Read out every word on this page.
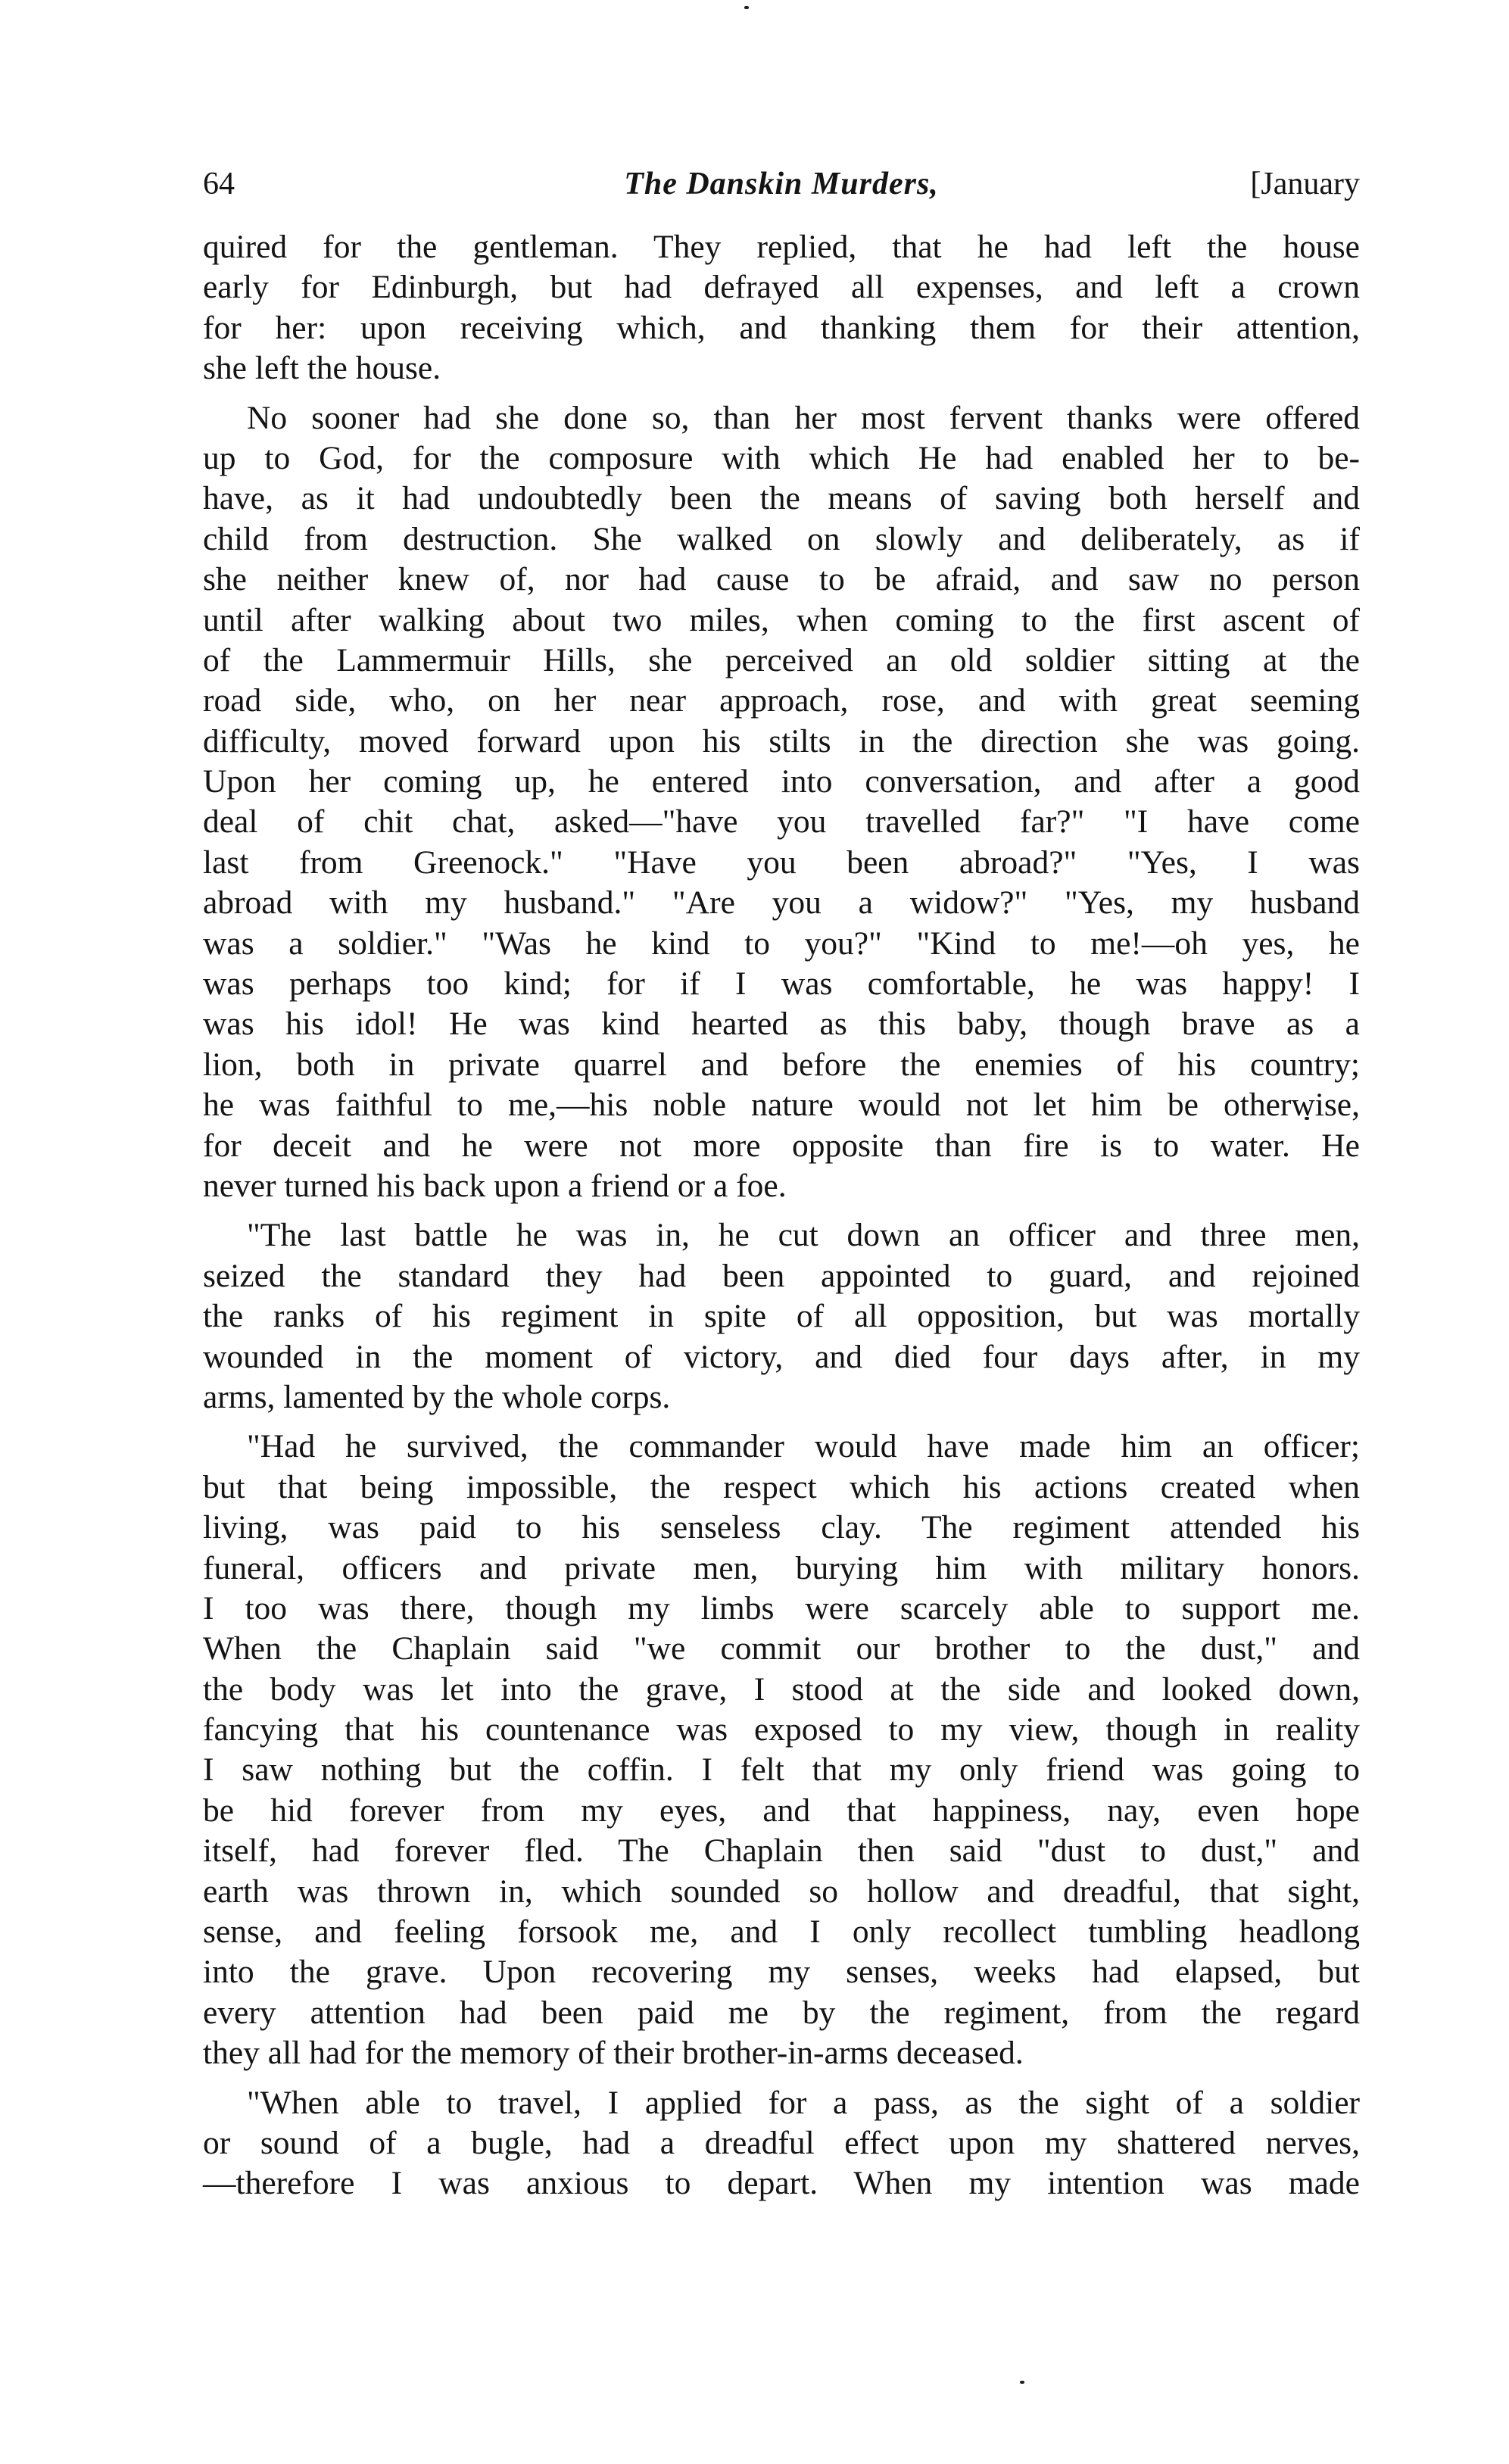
64	The Danskin Murders,	[January
quired for the gentleman. They replied, that he had left the house
early for Edinburgh, but had defrayed all expenses, and left a crown
for her: upon receiving which, and thanking them for their attention,
she left the house.
No sooner had she done so, than her most fervent thanks were offered
up to God, for the composure with which He had enabled her to be-
have, as it had undoubtedly been the means of saving both herself and
child from destruction. She walked on slowly and deliberately, as if
she neither knew of, nor had cause to be afraid, and saw no person
until after walking about two miles, when coming to the first ascent of
of the Lammermuir Hills, she perceived an old soldier sitting at the
road side, who, on her near approach, rose, and with great seeming
difficulty, moved forward upon his stilts in the direction she was going.
Upon her coming up, he entered into conversation, and after a good
deal of chit chat, asked—"have you travelled far?" "I have come
last from Greenock." "Have you been abroad?" "Yes, I was
abroad with my husband." "Are you a widow?" "Yes, my husband
was a soldier." "Was he kind to you?" "Kind to me!—oh yes, he
was perhaps too kind; for if I was comfortable, he was happy! I
was his idol! He was kind hearted as this baby, though brave as a
lion, both in private quarrel and before the enemies of his country;
he was faithful to me,—his noble nature would not let him be otherwise,
for deceit and he were not more opposite than fire is to water. He
never turned his back upon a friend or a foe.
"The last battle he was in, he cut down an officer and three men,
seized the standard they had been appointed to guard, and rejoined
the ranks of his regiment in spite of all opposition, but was mortally
wounded in the moment of victory, and died four days after, in my
arms, lamented by the whole corps.
"Had he survived, the commander would have made him an officer;
but that being impossible, the respect which his actions created when
living, was paid to his senseless clay. The regiment attended his
funeral, officers and private men, burying him with military honors.
I too was there, though my limbs were scarcely able to support me.
When the Chaplain said "we commit our brother to the dust," and
the body was let into the grave, I stood at the side and looked down,
fancying that his countenance was exposed to my view, though in reality
I saw nothing but the coffin. I felt that my only friend was going to
be hid forever from my eyes, and that happiness, nay, even hope
itself, had forever fled. The Chaplain then said "dust to dust," and
earth was thrown in, which sounded so hollow and dreadful, that sight,
sense, and feeling forsook me, and I only recollect tumbling headlong
into the grave. Upon recovering my senses, weeks had elapsed, but
every attention had been paid me by the regiment, from the regard
they all had for the memory of their brother-in-arms deceased.
"When able to travel, I applied for a pass, as the sight of a soldier
or sound of a bugle, had a dreadful effect upon my shattered nerves,
—therefore I was anxious to depart. When my intention was made
